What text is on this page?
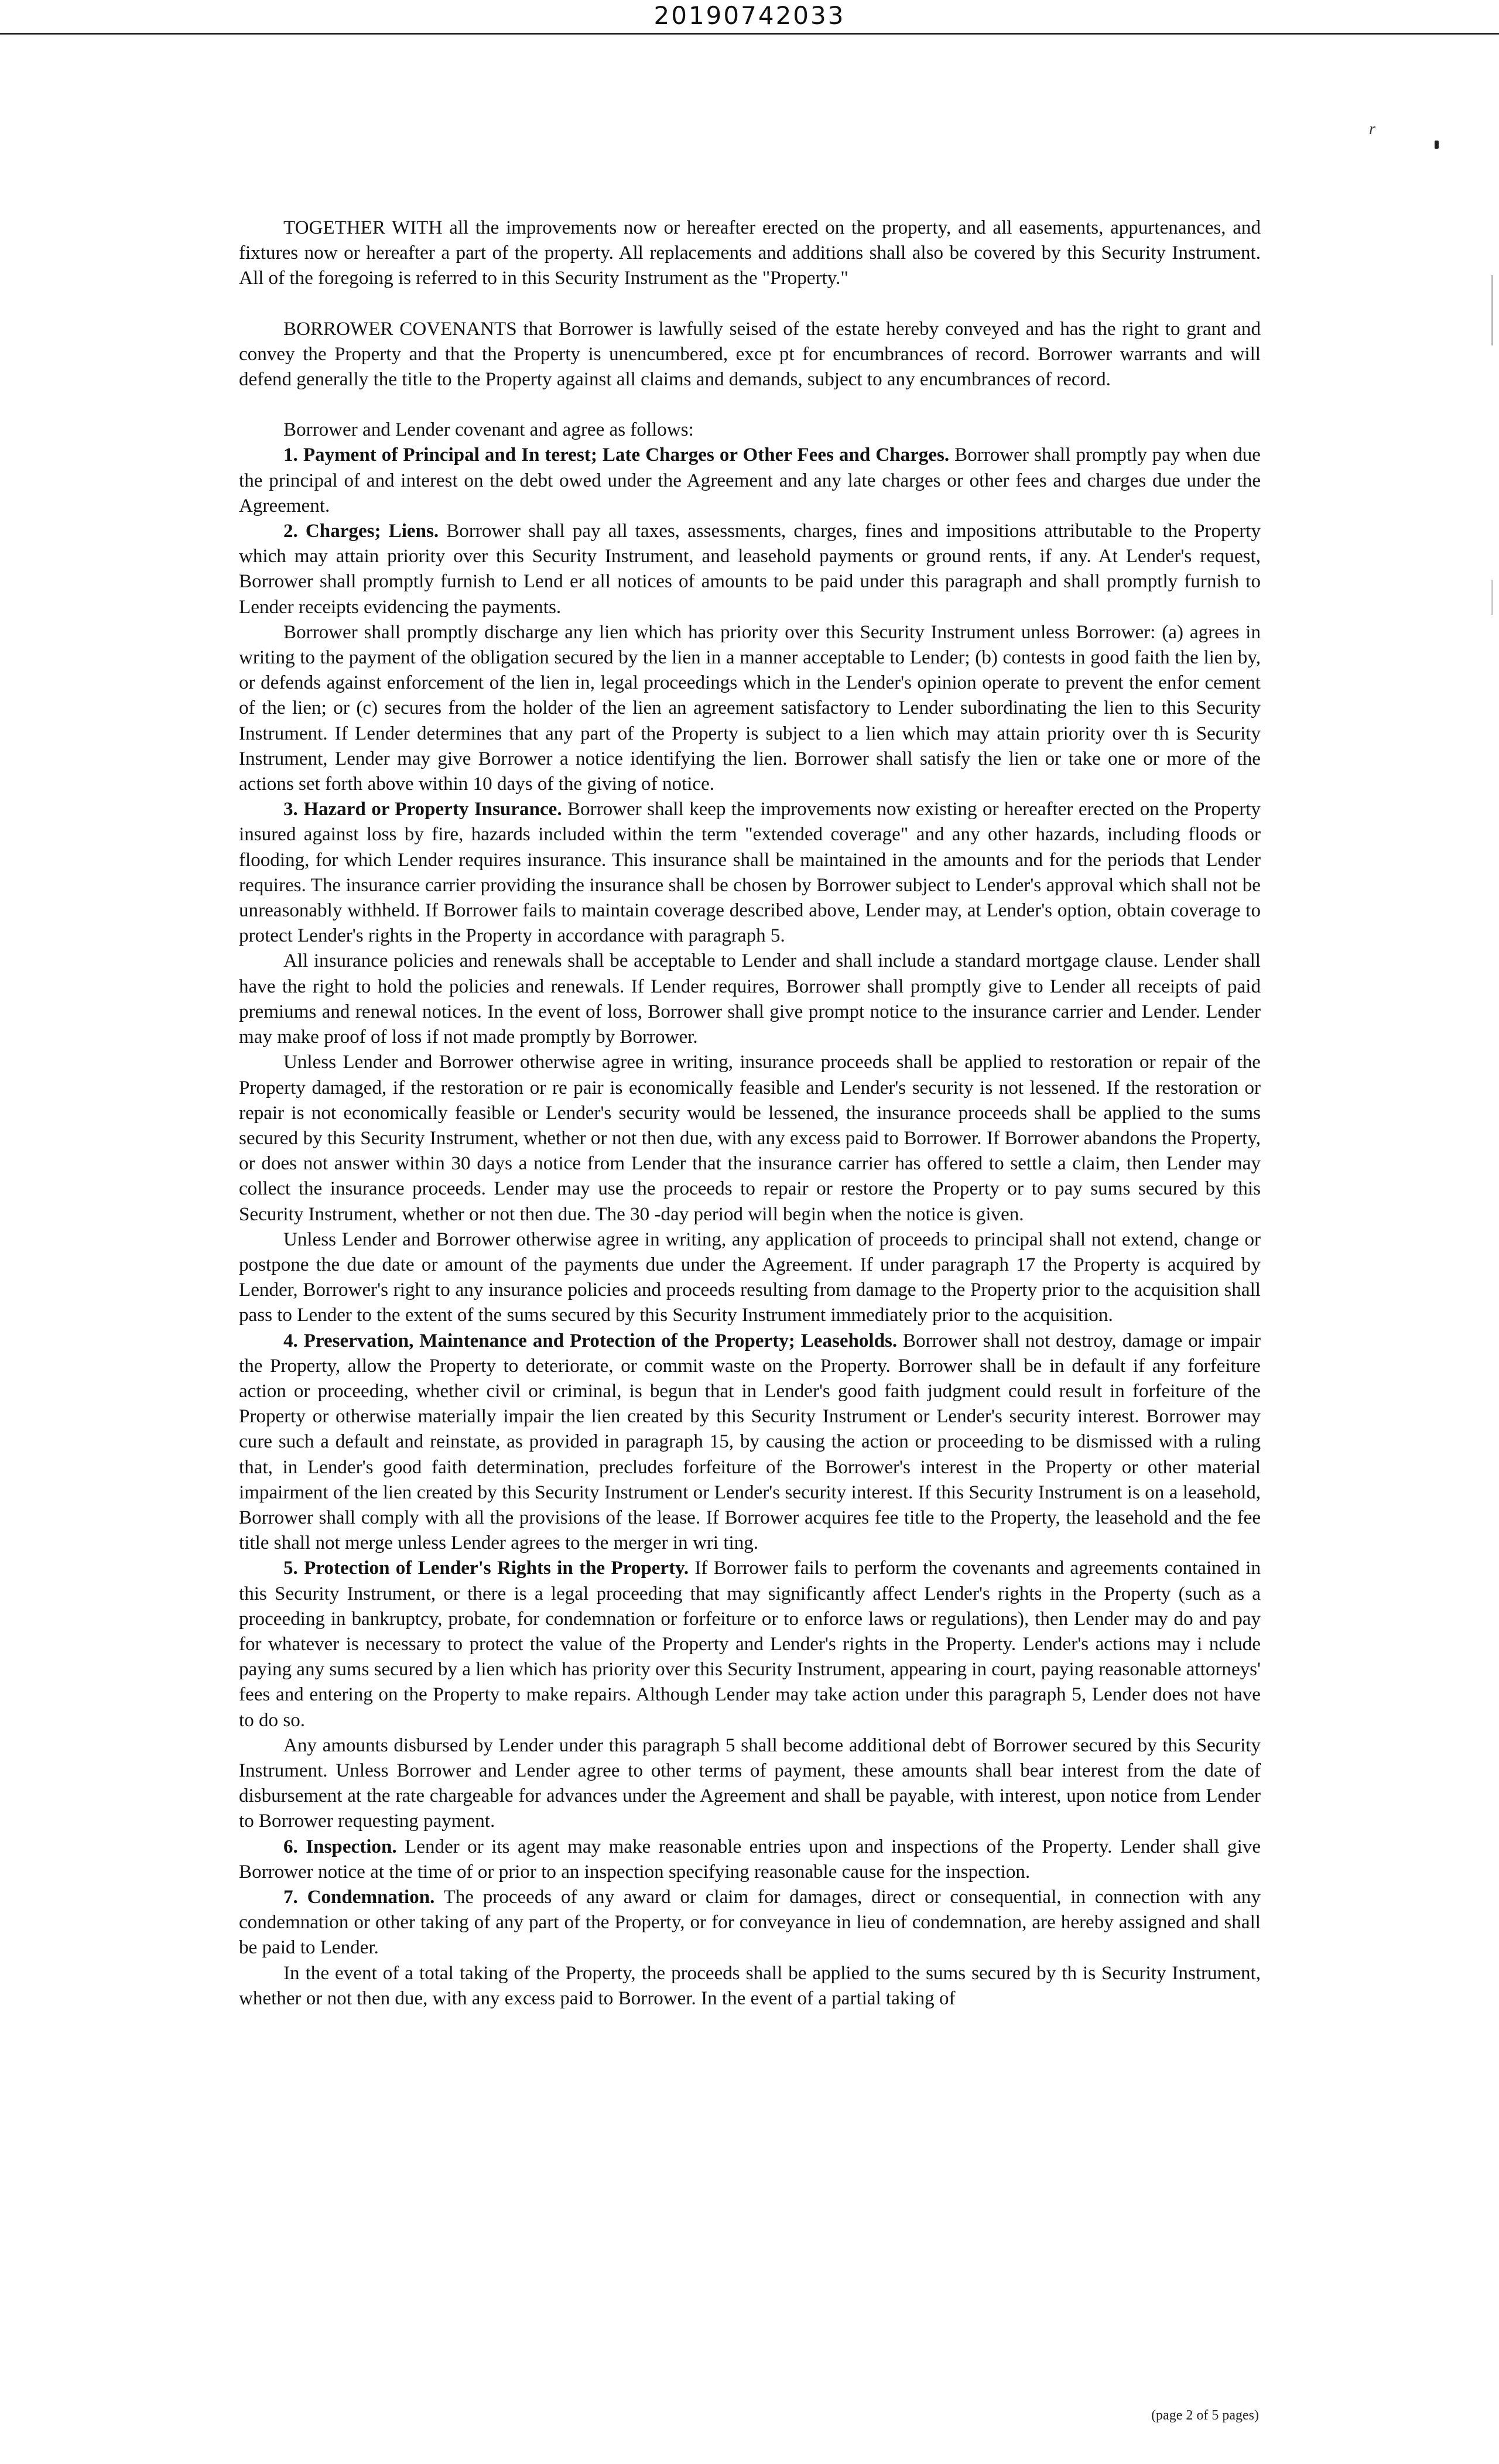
20190742033
r

TOGETHER WITH all the improvements now or hereafter erected on the property, and all easements, appurtenances, and fixtures now or hereafter a part of the property. All replacements and additions shall also be covered by this Security Instrument. All of the foregoing is referred to in this Security Instrument as the "Property."

BORROWER COVENANTS that Borrower is lawfully seised of the estate hereby conveyed and has the right to grant and convey the Property and that the Property is unencumbered, exce pt for encumbrances of record. Borrower warrants and will defend generally the title to the Property against all claims and demands, subject to any encumbrances of record.

Borrower and Lender covenant and agree as follows:

1. Payment of Principal and In terest; Late Charges or Other Fees and Charges. Borrower shall promptly pay when due the principal of and interest on the debt owed under the Agreement and any late charges or other fees and charges due under the Agreement.

2. Charges; Liens. Borrower shall pay all taxes, assessments, charges, fines and impositions attributable to the Property which may attain priority over this Security Instrument, and leasehold payments or ground rents, if any. At Lender's request, Borrower shall promptly furnish to Lend er all notices of amounts to be paid under this paragraph and shall promptly furnish to Lender receipts evidencing the payments.

Borrower shall promptly discharge any lien which has priority over this Security Instrument unless Borrower: (a) agrees in writing to the payment of the obligation secured by the lien in a manner acceptable to Lender; (b) contests in good faith the lien by, or defends against enforcement of the lien in, legal proceedings which in the Lender's opinion operate to prevent the enfor cement of the lien; or (c) secures from the holder of the lien an agreement satisfactory to Lender subordinating the lien to this Security Instrument. If Lender determines that any part of the Property is subject to a lien which may attain priority over th is Security Instrument, Lender may give Borrower a notice identifying the lien. Borrower shall satisfy the lien or take one or more of the actions set forth above within 10 days of the giving of notice.

3. Hazard or Property Insurance. Borrower shall keep the improvements now existing or hereafter erected on the Property insured against loss by fire, hazards included within the term "extended coverage" and any other hazards, including floods or flooding, for which Lender requires insurance. This insurance shall be maintained in the amounts and for the periods that Lender requires. The insurance carrier providing the insurance shall be chosen by Borrower subject to Lender's approval which shall not be unreasonably withheld. If Borrower fails to maintain coverage described above, Lender may, at Lender's option, obtain coverage to protect Lender's rights in the Property in accordance with paragraph 5.

All insurance policies and renewals shall be acceptable to Lender and shall include a standard mortgage clause. Lender shall have the right to hold the policies and renewals. If Lender requires, Borrower shall promptly give to Lender all receipts of paid premiums and renewal notices. In the event of loss, Borrower shall give prompt notice to the insurance carrier and Lender. Lender may make proof of loss if not made promptly by Borrower.

Unless Lender and Borrower otherwise agree in writing, insurance proceeds shall be applied to restoration or repair of the Property damaged, if the restoration or re pair is economically feasible and Lender's security is not lessened. If the restoration or repair is not economically feasible or Lender's security would be lessened, the insurance proceeds shall be applied to the sums secured by this Security Instrument, whether or not then due, with any excess paid to Borrower. If Borrower abandons the Property, or does not answer within 30 days a notice from Lender that the insurance carrier has offered to settle a claim, then Lender may collect the insurance proceeds. Lender may use the proceeds to repair or restore the Property or to pay sums secured by this Security Instrument, whether or not then due. The 30 -day period will begin when the notice is given.

Unless Lender and Borrower otherwise agree in writing, any application of proceeds to principal shall not extend, change or postpone the due date or amount of the payments due under the Agreement. If under paragraph 17 the Property is acquired by Lender, Borrower's right to any insurance policies and proceeds resulting from damage to the Property prior to the acquisition shall pass to Lender to the extent of the sums secured by this Security Instrument immediately prior to the acquisition.

4. Preservation, Maintenance and Protection of the Property; Leaseholds. Borrower shall not destroy, damage or impair the Property, allow the Property to deteriorate, or commit waste on the Property. Borrower shall be in default if any forfeiture action or proceeding, whether civil or criminal, is begun that in Lender's good faith judgment could result in forfeiture of the Property or otherwise materially impair the lien created by this Security Instrument or Lender's security interest. Borrower may cure such a default and reinstate, as provided in paragraph 15, by causing the action or proceeding to be dismissed with a ruling that, in Lender's good faith determination, precludes forfeiture of the Borrower's interest in the Property or other material impairment of the lien created by this Security Instrument or Lender's security interest. If this Security Instrument is on a leasehold, Borrower shall comply with all the provisions of the lease. If Borrower acquires fee title to the Property, the leasehold and the fee title shall not merge unless Lender agrees to the merger in wri ting.

5. Protection of Lender's Rights in the Property. If Borrower fails to perform the covenants and agreements contained in this Security Instrument, or there is a legal proceeding that may significantly affect Lender's rights in the Property (such as a proceeding in bankruptcy, probate, for condemnation or forfeiture or to enforce laws or regulations), then Lender may do and pay for whatever is necessary to protect the value of the Property and Lender's rights in the Property. Lender's actions may i nclude paying any sums secured by a lien which has priority over this Security Instrument, appearing in court, paying reasonable attorneys' fees and entering on the Property to make repairs. Although Lender may take action under this paragraph 5, Lender does not have to do so.

Any amounts disbursed by Lender under this paragraph 5 shall become additional debt of Borrower secured by this Security Instrument. Unless Borrower and Lender agree to other terms of payment, these amounts shall bear interest from the date of disbursement at the rate chargeable for advances under the Agreement and shall be payable, with interest, upon notice from Lender to Borrower requesting payment.

6. Inspection. Lender or its agent may make reasonable entries upon and inspections of the Property. Lender shall give Borrower notice at the time of or prior to an inspection specifying reasonable cause for the inspection.

7. Condemnation. The proceeds of any award or claim for damages, direct or consequential, in connection with any condemnation or other taking of any part of the Property, or for conveyance in lieu of condemnation, are hereby assigned and shall be paid to Lender.

In the event of a total taking of the Property, the proceeds shall be applied to the sums secured by th is Security Instrument, whether or not then due, with any excess paid to Borrower. In the event of a partial taking of

(page 2 of 5 pages)
